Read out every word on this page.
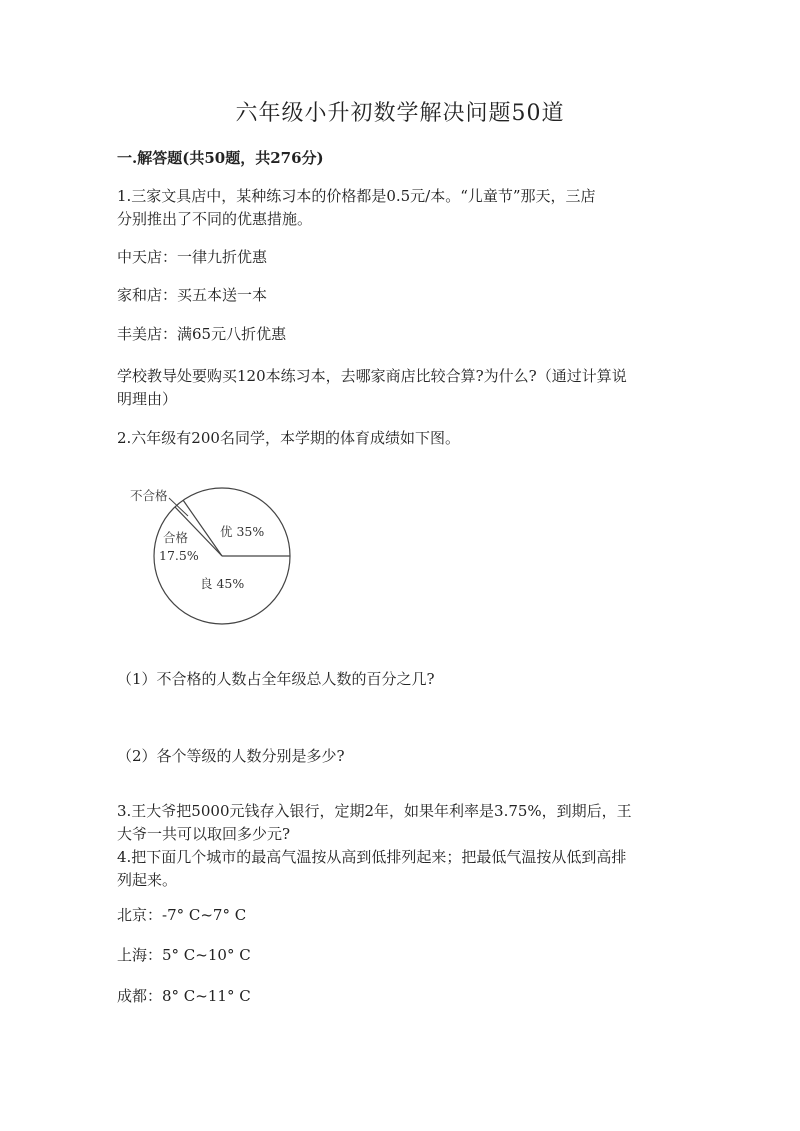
六年级小升初数学解决问题50道
一.解答题(共50题，共276分)
1.三家文具店中，某种练习本的价格都是0.5元/本。“儿童节”那天，三店
分别推出了不同的优惠措施。
中天店：一律九折优惠
家和店：买五本送一本
丰美店：满65元八折优惠
学校教导处要购买120本练习本，去哪家商店比较合算?为什么?（通过计算说
明理由）
2.六年级有200名同学，本学期的体育成绩如下图。
不合格
合格
17.5%
优 35%
良 45%
（1）不合格的人数占全年级总人数的百分之几?
（2）各个等级的人数分别是多少?
3.王大爷把5000元钱存入银行，定期2年，如果年利率是3.75%，到期后，王
大爷一共可以取回多少元?
4.把下面几个城市的最高气温按从高到低排列起来；把最低气温按从低到高排
列起来。
北京：-7° C~7° C
上海：5° C~10° C
成都：8° C~11° C
